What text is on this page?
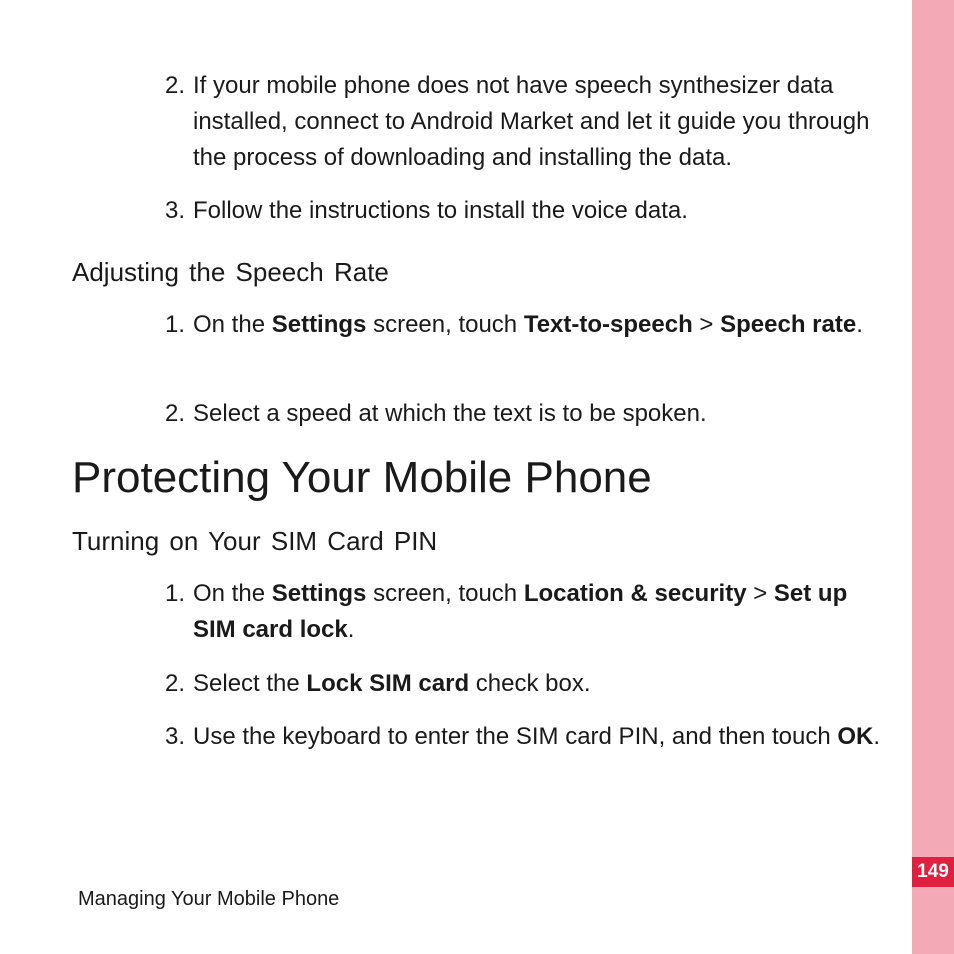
149
2. If your mobile phone does not have speech synthesizer data installed, connect to Android Market and let it guide you through the process of downloading and installing the data.
3. Follow the instructions to install the voice data.
Adjusting the Speech Rate
1. On the Settings screen, touch Text-to-speech > Speech rate.
2. Select a speed at which the text is to be spoken.
Protecting Your Mobile Phone
Turning on Your SIM Card PIN
1. On the Settings screen, touch Location & security > Set up SIM card lock.
2. Select the Lock SIM card check box.
3. Use the keyboard to enter the SIM card PIN, and then touch OK.
Managing Your Mobile Phone
